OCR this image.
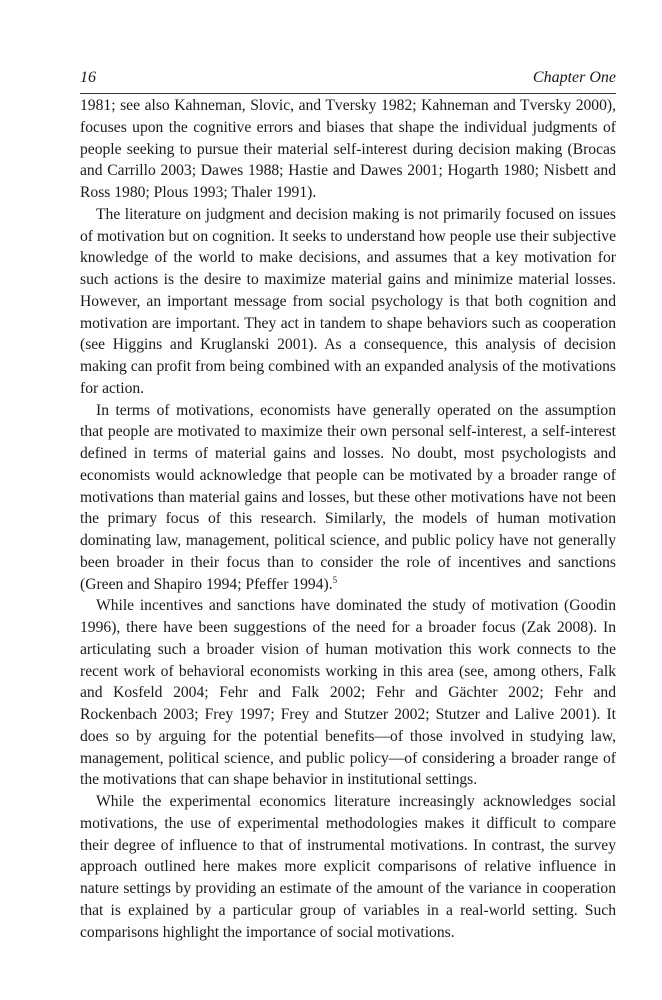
16	Chapter One

1981; see also Kahneman, Slovic, and Tversky 1982; Kahneman and Tversky 2000), focuses upon the cognitive errors and biases that shape the individual judgments of people seeking to pursue their material self-interest during decision making (Brocas and Carrillo 2003; Dawes 1988; Hastie and Dawes 2001; Hogarth 1980; Nisbett and Ross 1980; Plous 1993; Thaler 1991).

The literature on judgment and decision making is not primarily focused on issues of motivation but on cognition. It seeks to understand how people use their subjective knowledge of the world to make decisions, and assumes that a key motivation for such actions is the desire to maximize material gains and minimize material losses. However, an important message from social psychology is that both cognition and motivation are important. They act in tandem to shape behaviors such as cooperation (see Higgins and Kruglanski 2001). As a consequence, this analysis of decision making can profit from being combined with an expanded analysis of the motivations for action.

In terms of motivations, economists have generally operated on the assumption that people are motivated to maximize their own personal self-interest, a self-interest defined in terms of material gains and losses. No doubt, most psychologists and economists would acknowledge that people can be motivated by a broader range of motivations than material gains and losses, but these other motivations have not been the primary focus of this research. Similarly, the models of human motivation dominating law, management, political science, and public policy have not generally been broader in their focus than to consider the role of incentives and sanctions (Green and Shapiro 1994; Pfeffer 1994).$^5$

While incentives and sanctions have dominated the study of motivation (Goodin 1996), there have been suggestions of the need for a broader focus (Zak 2008). In articulating such a broader vision of human motivation this work connects to the recent work of behavioral economists working in this area (see, among others, Falk and Kosfeld 2004; Fehr and Falk 2002; Fehr and Gächter 2002; Fehr and Rockenbach 2003; Frey 1997; Frey and Stutzer 2002; Stutzer and Lalive 2001). It does so by arguing for the potential benefits—of those involved in studying law, management, political science, and public policy—of considering a broader range of the motivations that can shape behavior in institutional settings.

While the experimental economics literature increasingly acknowledges social motivations, the use of experimental methodologies makes it difficult to compare their degree of influence to that of instrumental motivations. In contrast, the survey approach outlined here makes more explicit comparisons of relative influence in nature settings by providing an estimate of the amount of the variance in cooperation that is explained by a particular group of variables in a real-world setting. Such comparisons highlight the importance of social motivations.
